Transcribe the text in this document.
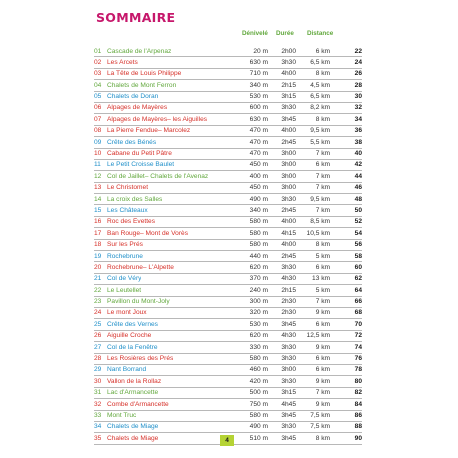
SOMMAIRE
Dénivelé Durée Distance
01 Cascade de l'Arpenaz	20 m 2h00	6 km	22
02 Les Arcets	630 m 3h30 6,5 km	24
03 La Tête de Louis Philippe	710 m 4h00	8 km	26
04 Chalets de Mont Ferron	340 m 2h15 4,5 km	28
05 Chalets de Doran	530 m 3h15 6,5 km	30
06 Alpages de Mayères	600 m 3h30 8,2 km	32
07 Alpages de Mayères– les Aiguilles	630 m 3h45	8 km	34
08 La Pierre Fendue– Marcolez	470 m 4h00 9,5 km	36
09 Crête des Bénés	470 m 2h45 5,5 km	38
10 Cabane du Petit Pâtre	470 m 3h00	7 km	40
11 Le Petit Croisse Baulet	450 m 3h00	6 km	42
12 Col de Jaillet– Chalets de l'Avenaz	400 m 3h00	7 km	44
13 Le Christomet	450 m 3h00	7 km	46
14 La croix des Salles	490 m 3h30 9,5 km	48
15 Les Châteaux	340 m 2h45	7 km	50
16 Roc des Évettes	580 m 4h00 8,5 km	52
17 Ban Rouge– Mont de Vorès	580 m 4h15 10,5 km	54
18 Sur les Prés	580 m 4h00	8 km	56
19 Rochebrune	440 m 2h45	5 km	58
20 Rochebrune– L'Alpette	620 m 3h30	6 km	60
21 Col de Véry	370 m 4h30 13 km	62
22 Le Leutellet	240 m 2h15	5 km	64
23 Pavillon du Mont-Joly	300 m 2h30	7 km	66
24 Le mont Joux	320 m 2h30	9 km	68
25 Crête des Vernes	530 m 3h45	6 km	70
26 Aiguille Croche	620 m 4h30 12,5 km	72
27 Col de la Fenêtre	330 m 3h30	9 km	74
28 Les Rosières des Prés	580 m 3h30	6 km	76
29 Nant Borrand	460 m 3h00	6 km	78
30 Vallon de la Rollaz	420 m 3h30	9 km	80
31 Lac d'Armancette	500 m 3h15	7 km	82
32 Combe d'Armancette	750 m 4h45	9 km	84
33 Mont Truc	580 m 3h45 7,5 km	86
34 Chalets de Miage	490 m 3h30 7,5 km	88
35 Chalets de Miage	510 m 3h45	8 km	90
4
